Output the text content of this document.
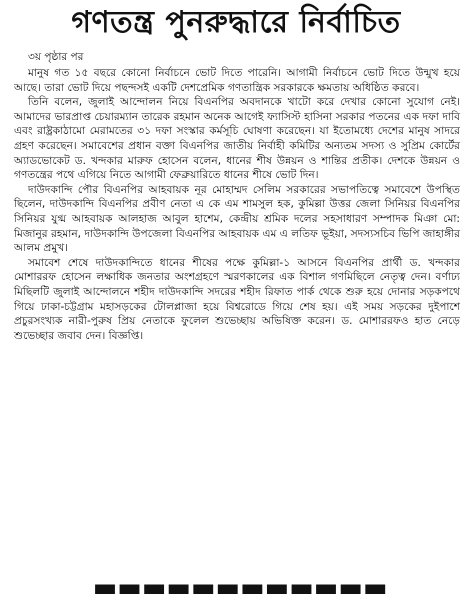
গণতন্ত্র পুনরুদ্ধারে নির্বাচিত
৩য় পৃষ্ঠার পর

মানুষ গত ১৫ বছরে কোনো নির্বাচনে ভোট দিতে পারেনি। আগামী নির্বাচনে ভোট দিতে উন্মুখ হয়ে আছে। তারা ভোট দিয়ে পছন্দসই একটি দেশপ্রেমিক গণতান্ত্রিক সরকারকে ক্ষমতায় অধিষ্ঠিত করবে।

তিনি বলেন, জুলাই আন্দোলন নিয়ে বিএনপির অবদানকে খাটো করে দেখার কোনো সুযোগ নেই। আমাদের ভারপ্রাপ্ত চেয়ারম্যান তারেক রহমান অনেক আগেই ফ্যাসিস্ট হাসিনা সরকার পতনের এক দফা দাবি এবং রাষ্ট্রকাঠামো মেরামতের ৩১ দফা সংস্কার কর্মসূচি ঘোষণা করেছেন। যা ইতোমধ্যে দেশের মানুষ সাদরে গ্রহণ করেছেন। সমাবেশের প্রধান বক্তা বিএনপির জাতীয় নির্বাহী কমিটির অন্যতম সদস্য ও সুপ্রিম কোর্টের অ্যাডভোকেট ড. খন্দকার মারুফ হোসেন বলেন, ধানের শীষ উন্নয়ন ও শান্তির প্রতীক। দেশকে উন্নয়ন ও গণতন্ত্রের পথে এগিয়ে নিতে আগামী ফেব্রুয়ারিতে ধানের শীষে ভোট দিন।

দাউদকান্দি পৌর বিএনপির আহবায়ক নূর মোহাম্মদ সেলিম সরকারের সভাপতিত্বে সমাবেশে উপস্থিত ছিলেন, দাউদকান্দি বিএনপির প্রবীণ নেতা এ কে এম শামসুল হক, কুমিল্লা উত্তর জেলা সিনিয়র বিএনপির সিনিয়র যুগ্ম আহবায়ক আলহাজ আবুল হাশেম, কেন্দ্রীয় শ্রমিক দলের সহসাধারণ সম্পাদক মিঞা মো: মিজানুর রহমান, দাউদকান্দি উপজেলা বিএনপির আহবায়ক এম এ লতিফ ভূইয়া, সদস্যসচিব ভিপি জাহাঙ্গীর আলম প্রমুখ।

সমাবেশ শেষে দাউদকান্দিতে ধানের শীষের পক্ষে কুমিল্লা-১ আসনে বিএনপির প্রার্থী ড. খন্দকার মোশাররফ হোসেন লক্ষাধিক জনতার অংশগ্রহণে স্মরণকালের এক বিশাল গণমিছিলে নেতৃত্ব দেন। বর্ণাঢ্য মিছিলটি জুলাই আন্দোলনে শহীদ দাউদকান্দি সদরের শহীদ রিফাত পার্ক থেকে শুরু হয়ে দোনার সড়কপথে গিয়ে ঢাকা-চট্টগ্রাম মহাসড়কের টোলপ্লাজা হয়ে বিশ্বরোডে গিয়ে শেষ হয়। এই সময় সড়কের দুইপাশে প্রচুরসংখ্যক নারী-পুরুষ প্রিয় নেতাকে ফুলেল শুভেচ্ছায় অভিষিক্ত করেন। ড. মোশাররফও হাত নেড়ে শুভেচ্ছার জবাব দেন। বিজ্ঞপ্তি।

▬▬▬▬▬▬▬▬▬▬▬▬
